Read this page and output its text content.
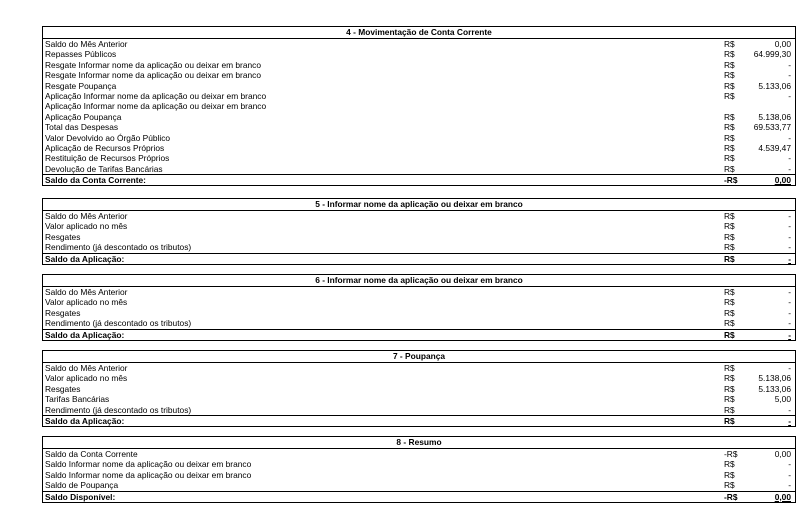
4 - Movimentação de Conta Corrente
Saldo do Mês Anterior	R$	0,00
Repasses Públicos	R$	64.999,30
Resgate Informar nome da aplicação ou deixar em branco	R$	-
Resgate Informar nome da aplicação ou deixar em branco	R$	-
Resgate Poupança	R$	5.133,06
Aplicação Informar nome da aplicação ou deixar em branco	R$	-
Aplicação Informar nome da aplicação ou deixar em branco
Aplicação Poupança	R$	5.138,06
Total das Despesas	R$	69.533,77
Valor Devolvido ao Órgão Público	R$	-
Aplicação de Recursos Próprios	R$	4.539,47
Restituição de Recursos Próprios	R$	-
Devolução de Tarifas Bancárias	R$	-
Saldo da Conta Corrente:	-R$	0,00
5 - Informar nome da aplicação ou deixar em branco
Saldo do Mês Anterior	R$	-
Valor aplicado no mês	R$	-
Resgates	R$	-
Rendimento (já descontado os tributos)	R$	-
Saldo da Aplicação:	R$	-
6 - Informar nome da aplicação ou deixar em branco
Saldo do Mês Anterior	R$	-
Valor aplicado no mês	R$	-
Resgates	R$	-
Rendimento (já descontado os tributos)	R$	-
Saldo da Aplicação:	R$	-
7 - Poupança
Saldo do Mês Anterior	R$	-
Valor aplicado no mês	R$	5.138,06
Resgates	R$	5.133,06
Tarifas Bancárias	R$	5,00
Rendimento (já descontado os tributos)	R$	-
Saldo da Aplicação:	R$	-
8 - Resumo
Saldo da Conta Corrente	-R$	0,00
Saldo Informar nome da aplicação ou deixar em branco	R$	-
Saldo Informar nome da aplicação ou deixar em branco	R$	-
Saldo de Poupança	R$	-
Saldo Disponível:	-R$	0,00
